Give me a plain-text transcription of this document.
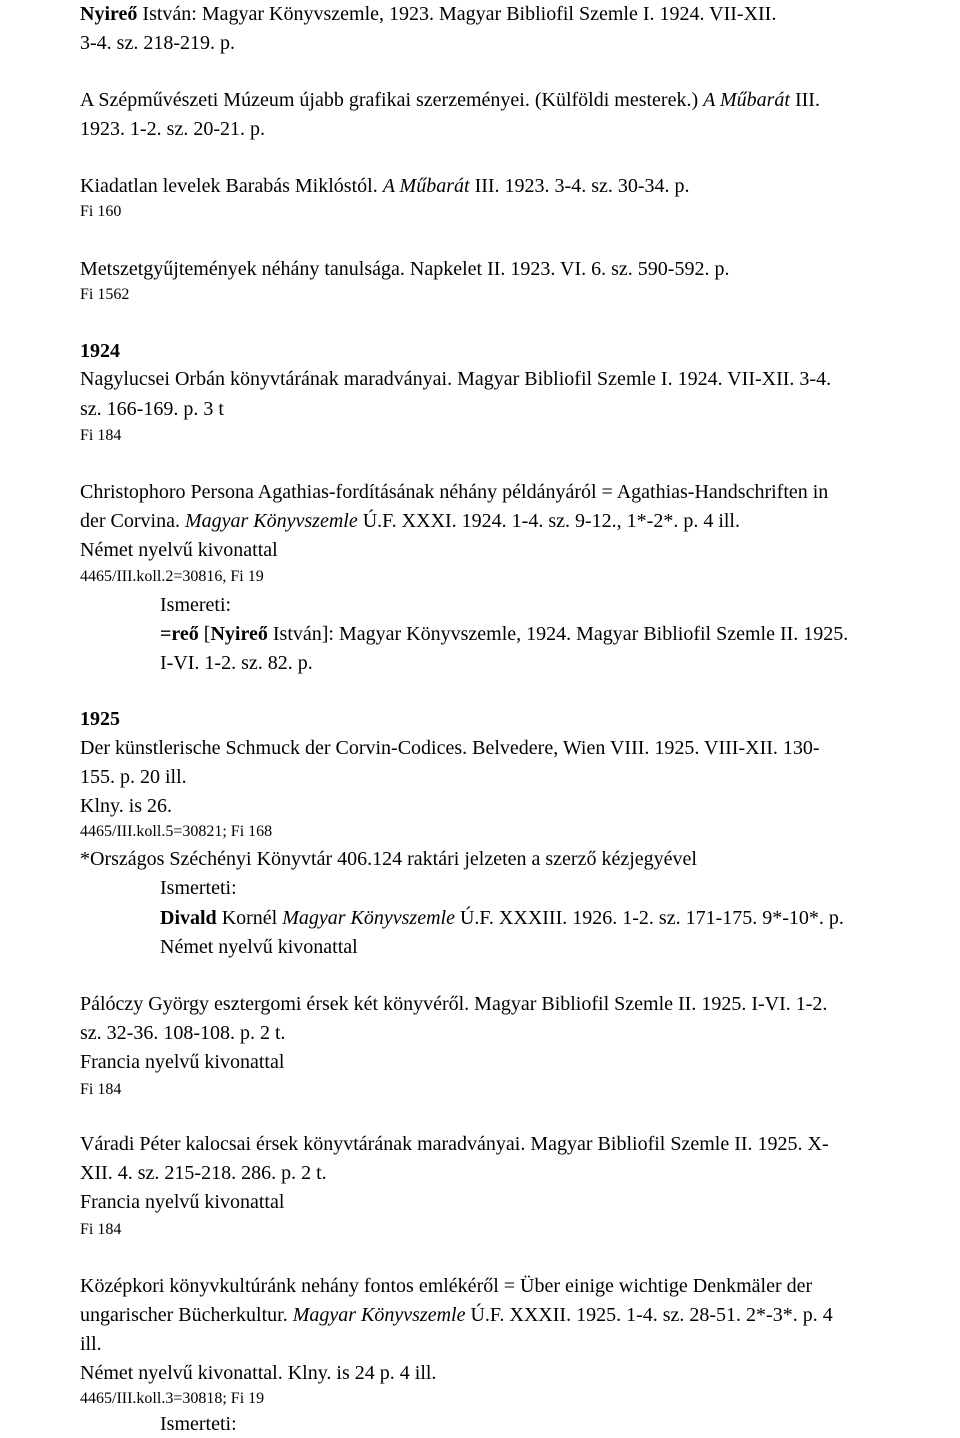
Nyireő István: Magyar Könyvszemle, 1923. Magyar Bibliofil Szemle I. 1924. VII-XII.
3-4. sz. 218-219. p.
A Szépművészeti Múzeum újabb grafikai szerzeményei. (Külföldi mesterek.) A Műbarát III.
1923. 1-2. sz. 20-21. p.
Kiadatlan levelek Barabás Miklóstól. A Műbarát III. 1923. 3-4. sz. 30-34. p.
Fi 160
Metszetgyűjtemények néhány tanulsága. Napkelet II. 1923. VI. 6. sz. 590-592. p.
Fi 1562
1924
Nagylucsei Orbán könyvtárának maradványai. Magyar Bibliofil Szemle I. 1924. VII-XII. 3-4.
sz. 166-169. p. 3 t
Fi 184
Christophoro Persona Agathias-fordításának néhány példányáról = Agathias-Handschriften in
der Corvina. Magyar Könyvszemle Ú.F. XXXI. 1924. 1-4. sz. 9-12., 1*-2*. p. 4 ill.
Német nyelvű kivonattal
4465/III.koll.2=30816, Fi 19
Ismereti:
=reő [Nyireő István]: Magyar Könyvszemle, 1924. Magyar Bibliofil Szemle II. 1925.
I-VI. 1-2. sz. 82. p.
1925
Der künstlerische Schmuck der Corvin-Codices. Belvedere, Wien VIII. 1925. VIII-XII. 130-
155. p. 20 ill.
Klny. is 26.
4465/III.koll.5=30821; Fi 168
*Országos Széchényi Könyvtár 406.124 raktári jelzeten a szerző kézjegyével
Ismerteti:
Divald Kornél Magyar Könyvszemle Ú.F. XXXIII. 1926. 1-2. sz. 171-175. 9*-10*. p.
Német nyelvű kivonattal
Pálóczy György esztergomi érsek két könyvéről. Magyar Bibliofil Szemle II. 1925. I-VI. 1-2.
sz. 32-36. 108-108. p. 2 t.
Francia nyelvű kivonattal
Fi 184
Váradi Péter kalocsai érsek könyvtárának maradványai. Magyar Bibliofil Szemle II. 1925. X-
XII. 4. sz. 215-218. 286. p. 2 t.
Francia nyelvű kivonattal
Fi 184
Középkori könyvkultúránk nehány fontos emlékéről = Über einige wichtige Denkmäler der
ungarischer Bücherkultur. Magyar Könyvszemle Ú.F. XXXII. 1925. 1-4. sz. 28-51. 2*-3*. p. 4
ill.
Német nyelvű kivonattal. Klny. is 24 p. 4 ill.
4465/III.koll.3=30818; Fi 19
Ismerteti:
